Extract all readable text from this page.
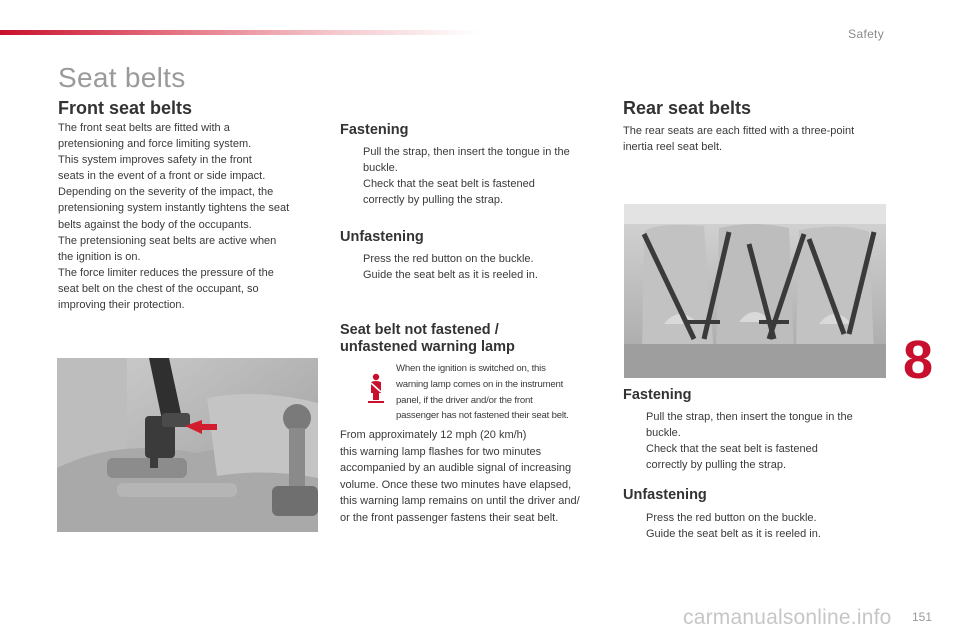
Safety
Seat belts
Front seat belts

The front seat belts are fitted with a
pretensioning and force limiting system.
This system improves safety in the front
seats in the event of a front or side impact.
Depending on the severity of the impact, the
pretensioning system instantly tightens the seat
belts against the body of the occupants.
The pretensioning seat belts are active when
the ignition is on.
The force limiter reduces the pressure of the
seat belt on the chest of the occupant, so
improving their protection.

Fastening
Pull the strap, then insert the tongue in the
buckle.
Check that the seat belt is fastened
correctly by pulling the strap.
Unfastening
Press the red button on the buckle.
Guide the seat belt as it is reeled in.
Seat belt not fastened /
unfastened warning lamp

When the ignition is switched on, this
warning lamp comes on in the instrument
panel, if the driver and/or the front
passenger has not fastened their seat belt.

From approximately 12 mph (20 km/h)
this warning lamp flashes for two minutes
accompanied by an audible signal of increasing
volume. Once these two minutes have elapsed,
this warning lamp remains on until the driver and/
or the front passenger fastens their seat belt.

Rear seat belts

The rear seats are each fitted with a three-point
inertia reel seat belt.

Fastening
Pull the strap, then insert the tongue in the
buckle.
Check that the seat belt is fastened
correctly by pulling the strap.
Unfastening
Press the red button on the buckle.
Guide the seat belt as it is reeled in.
8
151
carmanualsonline.info
